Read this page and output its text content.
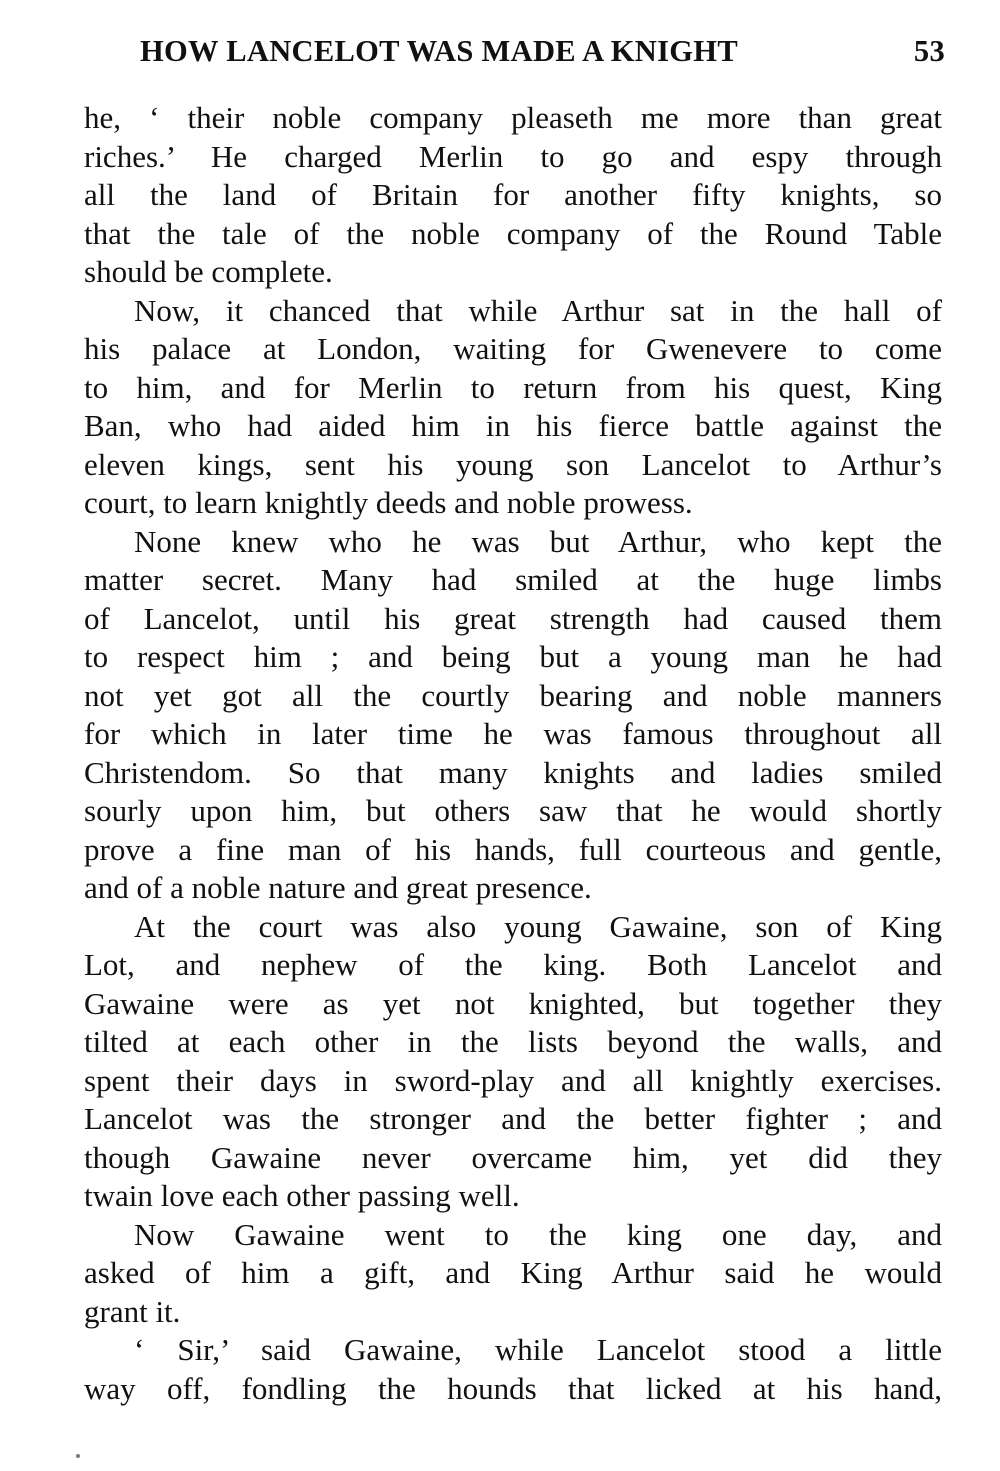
HOW LANCELOT WAS MADE A KNIGHT	53

he, ‘ their noble company pleaseth me more than great
riches.’ He charged Merlin to go and espy through
all the land of Britain for another fifty knights, so
that the tale of the noble company of the Round Table
should be complete.

Now, it chanced that while Arthur sat in the hall of
his palace at London, waiting for Gwenevere to come
to him, and for Merlin to return from his quest, King
Ban, who had aided him in his fierce battle against the
eleven kings, sent his young son Lancelot to Arthur’s
court, to learn knightly deeds and noble prowess.

None knew who he was but Arthur, who kept the
matter secret. Many had smiled at the huge limbs
of Lancelot, until his great strength had caused them
to respect him ; and being but a young man he had
not yet got all the courtly bearing and noble manners
for which in later time he was famous throughout all
Christendom. So that many knights and ladies smiled
sourly upon him, but others saw that he would shortly
prove a fine man of his hands, full courteous and gentle,
and of a noble nature and great presence.

At the court was also young Gawaine, son of King
Lot, and nephew of the king. Both Lancelot and
Gawaine were as yet not knighted, but together they
tilted at each other in the lists beyond the walls, and
spent their days in sword-play and all knightly exercises.
Lancelot was the stronger and the better fighter ; and
though Gawaine never overcame him, yet did they
twain love each other passing well.

Now Gawaine went to the king one day, and
asked of him a gift, and King Arthur said he would
grant it.

‘ Sir,’ said Gawaine, while Lancelot stood a little
way off, fondling the hounds that licked at his hand,
